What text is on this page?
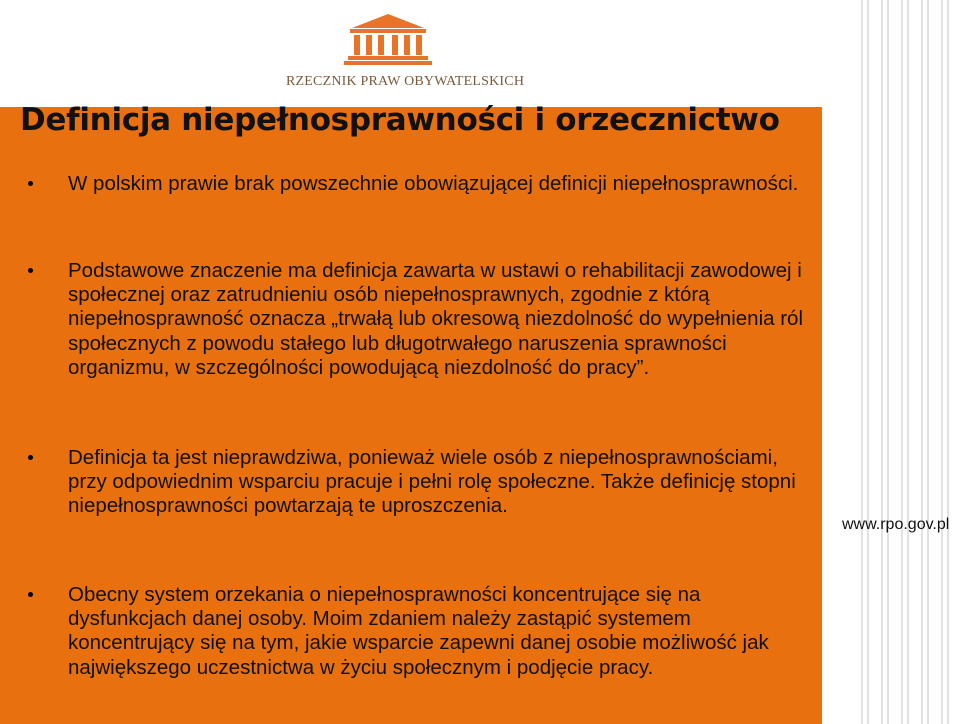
RZECZNIK PRAW OBYWATELSKICH
Definicja niepełnosprawności i orzecznictwo
W polskim prawie brak powszechnie obowiązującej definicji niepełnosprawności.
Podstawowe znaczenie ma definicja zawarta w ustawi o rehabilitacji zawodowej i społecznej oraz zatrudnieniu osób niepełnosprawnych, zgodnie z którą niepełnosprawność oznacza „trwałą lub okresową niezdolność do wypełnienia ról społecznych z powodu stałego lub długotrwałego naruszenia sprawności organizmu, w szczególności powodującą niezdolność do pracy”.
Definicja ta jest nieprawdziwa, ponieważ wiele osób z niepełnosprawnościami, przy odpowiednim wsparciu pracuje i pełni rolę społeczne. Także definicję stopni niepełnosprawności powtarzają te uproszczenia.
Obecny system orzekania o niepełnosprawności koncentrujące się na dysfunkcjach danej osoby. Moim zdaniem należy zastąpić systemem koncentrujący się na tym, jakie wsparcie zapewni danej osobie możliwość jak największego uczestnictwa w życiu społecznym i podjęcie pracy.
www.rpo.gov.pl
